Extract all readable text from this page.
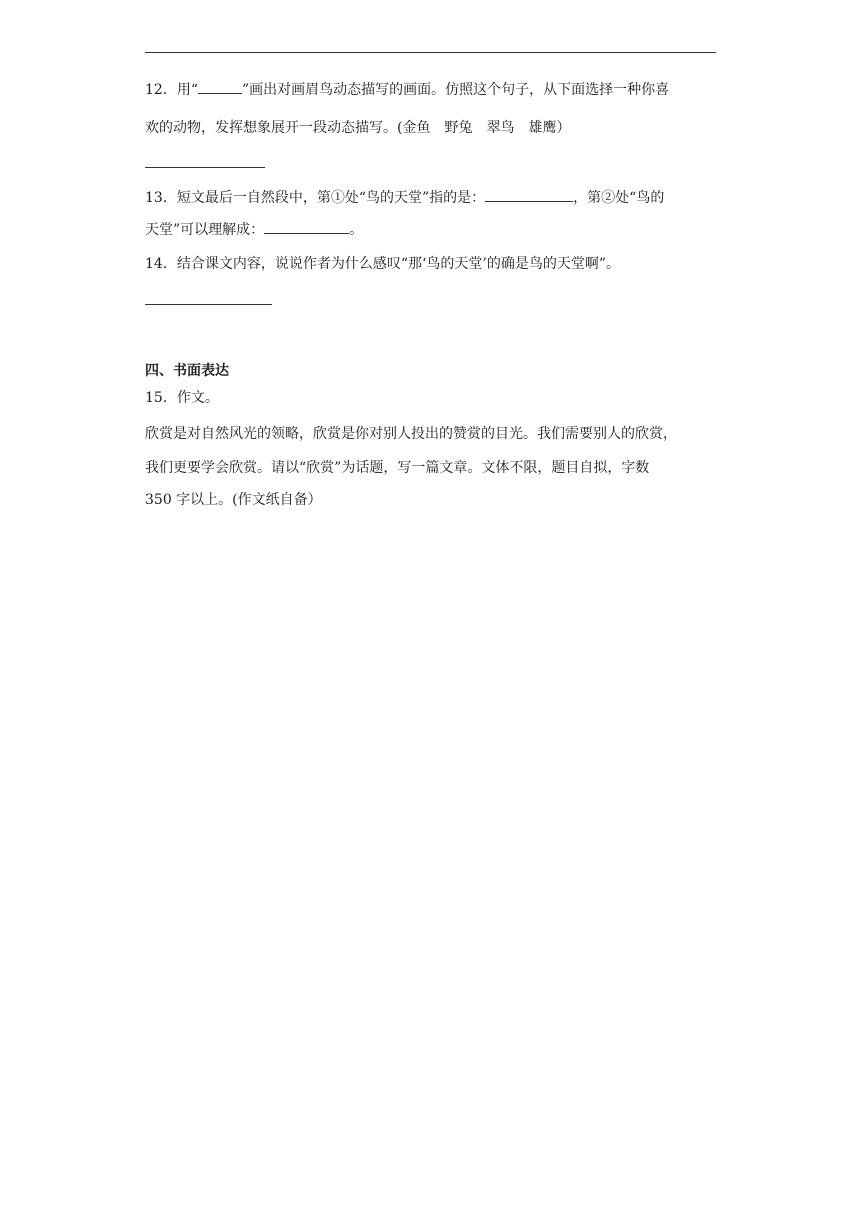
12．用“	”画出对画眉鸟动态描写的画面。仿照这个句子，从下面选择一种你喜
欢的动物，发挥想象展开一段动态描写。(金鱼　野兔　翠鸟　雄鹰）
13．短文最后一自然段中，第①处“鸟的天堂”指的是：	，第②处“鸟的
天堂”可以理解成：	。
14．结合课文内容，说说作者为什么感叹“那‘鸟的天堂’的确是鸟的天堂啊”。
四、书面表达
15．作文。
欣赏是对自然风光的领略，欣赏是你对别人投出的赞赏的目光。我们需要别人的欣赏，
我们更要学会欣赏。请以“欣赏”为话题，写一篇文章。文体不限，题目自拟，字数
350 字以上。(作文纸自备）
